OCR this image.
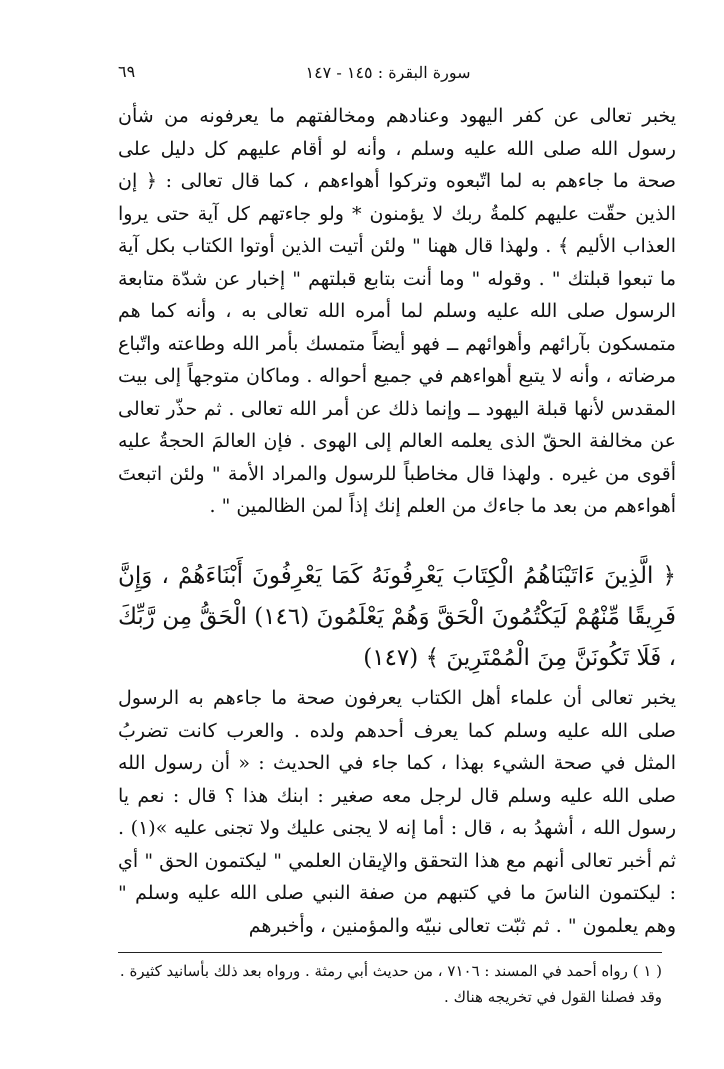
٦٩	سورة البقرة : ١٤٥ - ١٤٧
يخبر تعالى عن كفر اليهود وعنادهم ومخالفتهم ما يعرفونه من شأن رسول الله صلى الله عليه وسلم ، وأنه لو أقام عليهم كل دليل على صحة ما جاءهم به لما اتّبعوه وتركوا أهواءهم ، كما قال تعالى : ﴿ إن الذين حقّت عليهم كلمةُ ربك لا يؤمنون * ولو جاءتهم كل آية حتى يروا العذاب الأليم ﴾ . ولهذا قال ههنا " ولئن أتيت الذين أوتوا الكتاب بكل آية ما تبعوا قبلتك " . وقوله " وما أنت بتابع قبلتهم " إخبار عن شدّة متابعة الرسول صلى الله عليه وسلم لما أمره الله تعالى به ، وأنه كما هم متمسكون بآرائهم وأهوائهم ــ فهو أيضاً متمسك بأمر الله وطاعته واتّباع مرضاته ، وأنه لا يتبع أهواءهم في جميع أحواله . وماكان متوجهاً إلى بيت المقدس لأنها قبلة اليهود ــ وإنما ذلك عن أمر الله تعالى . ثم حذّر تعالى عن مخالفة الحقّ الذى يعلمه العالم إلى الهوى . فإن العالمَ الحجةُ عليه أقوى من غيره . ولهذا قال مخاطباً للرسول والمراد الأمة " ولئن اتبعتَ أهواءهم من بعد ما جاءك من العلم إنك إذاً لمن الظالمين " .
﴿ الَّذِينَ ءَاتَيْنَاهُمُ الْكِتَابَ يَعْرِفُونَهُ كَمَا يَعْرِفُونَ أَبْنَاءَهُمْ ، وَإِنَّ فَرِيقًا مِّنْهُمْ لَيَكْتُمُونَ الْحَقَّ وَهُمْ يَعْلَمُونَ (١٤٦) الْحَقُّ مِن رَّبِّكَ ، فَلَا تَكُونَنَّ مِنَ الْمُمْتَرِينَ ﴾ (١٤٧)
يخبر تعالى أن علماء أهل الكتاب يعرفون صحة ما جاءهم به الرسول صلى الله عليه وسلم كما يعرف أحدهم ولده . والعرب كانت تضربُ المثل في صحة الشيء بهذا ، كما جاء في الحديث : « أن رسول الله صلى الله عليه وسلم قال لرجل معه صغير : ابنك هذا ؟ قال : نعم يا رسول الله ، أشهدُ به ، قال : أما إنه لا يجنى عليك ولا تجنى عليه »(١) . ثم أخبر تعالى أنهم مع هذا التحقق والإيقان العلمي " ليكتمون الحق " أي : ليكتمون الناسَ ما في كتبهم من صفة النبي صلى الله عليه وسلم " وهم يعلمون " . ثم ثبّت تعالى نبيّه والمؤمنين ، وأخبرهم
( ١ ) رواه أحمد في المسند : ٧١٠٦ ، من حديث أبي رمثة . ورواه بعد ذلك بأسانيد كثيرة .
وقد فصلنا القول في تخريجه هناك .
